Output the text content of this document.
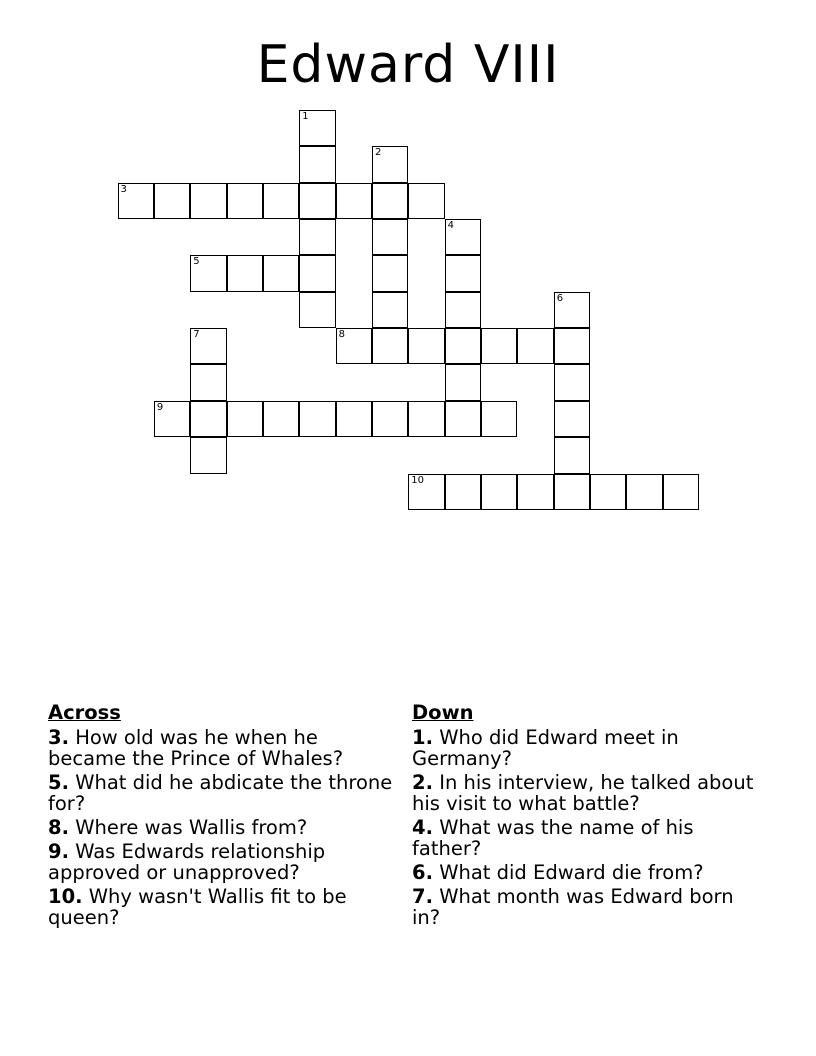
Edward VIII
1
2
3
4
5
6
7	8
9
10
Across
3. How old was he when he became the Prince of Whales?
5. What did he abdicate the throne for?
8. Where was Wallis from?
9. Was Edwards relationship approved or unapproved?
10. Why wasn't Wallis fit to be queen?
Down
1. Who did Edward meet in Germany?
2. In his interview, he talked about his visit to what battle?
4. What was the name of his father?
6. What did Edward die from?
7. What month was Edward born in?
